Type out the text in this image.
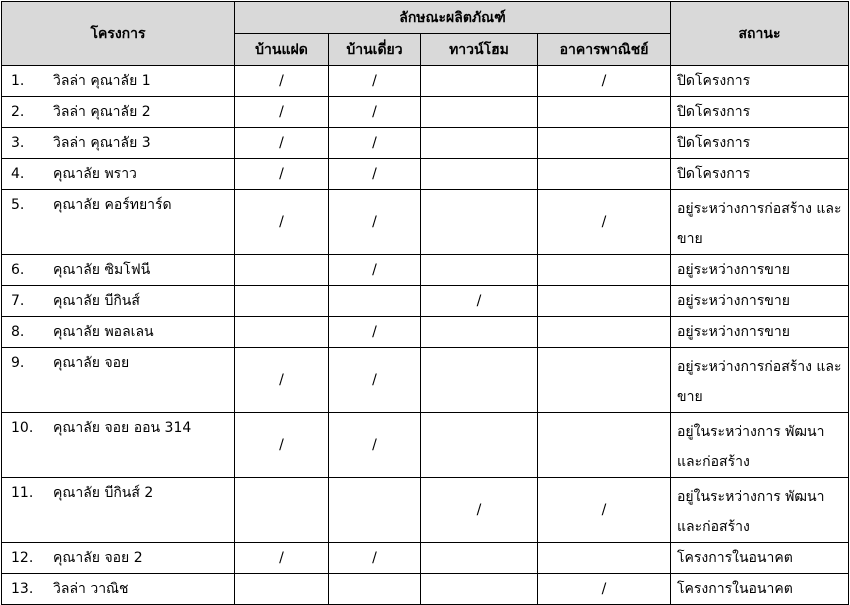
โครงการ	ลักษณะผลิตภัณฑ์				สถานะ
	บ้านแฝด	บ้านเดี่ยว	ทาวน์โฮม	อาคารพาณิชย์	
1. วิลล่า คุณาลัย 1	/	/		/	ปิดโครงการ
2. วิลล่า คุณาลัย 2	/	/			ปิดโครงการ
3. วิลล่า คุณาลัย 3	/	/			ปิดโครงการ
4. คุณาลัย พราว	/	/			ปิดโครงการ
5. คุณาลัย คอร์ทยาร์ด	/	/		/	อยู่ระหว่างการก่อสร้าง และขาย
6. คุณาลัย ซิมโฟนี		/			อยู่ระหว่างการขาย
7. คุณาลัย บีกินส์			/		อยู่ระหว่างการขาย
8. คุณาลัย พอลเลน		/			อยู่ระหว่างการขาย
9. คุณาลัย จอย	/	/			อยู่ระหว่างการก่อสร้าง และขาย
10. คุณาลัย จอย ออน 314	/	/			อยู่ในระหว่างการ พัฒนา และก่อสร้าง
11. คุณาลัย บีกินส์ 2			/	/	อยู่ในระหว่างการ พัฒนา และก่อสร้าง
12. คุณาลัย จอย 2	/	/			โครงการในอนาคต
13. วิลล่า วาณิช				/	โครงการในอนาคต
